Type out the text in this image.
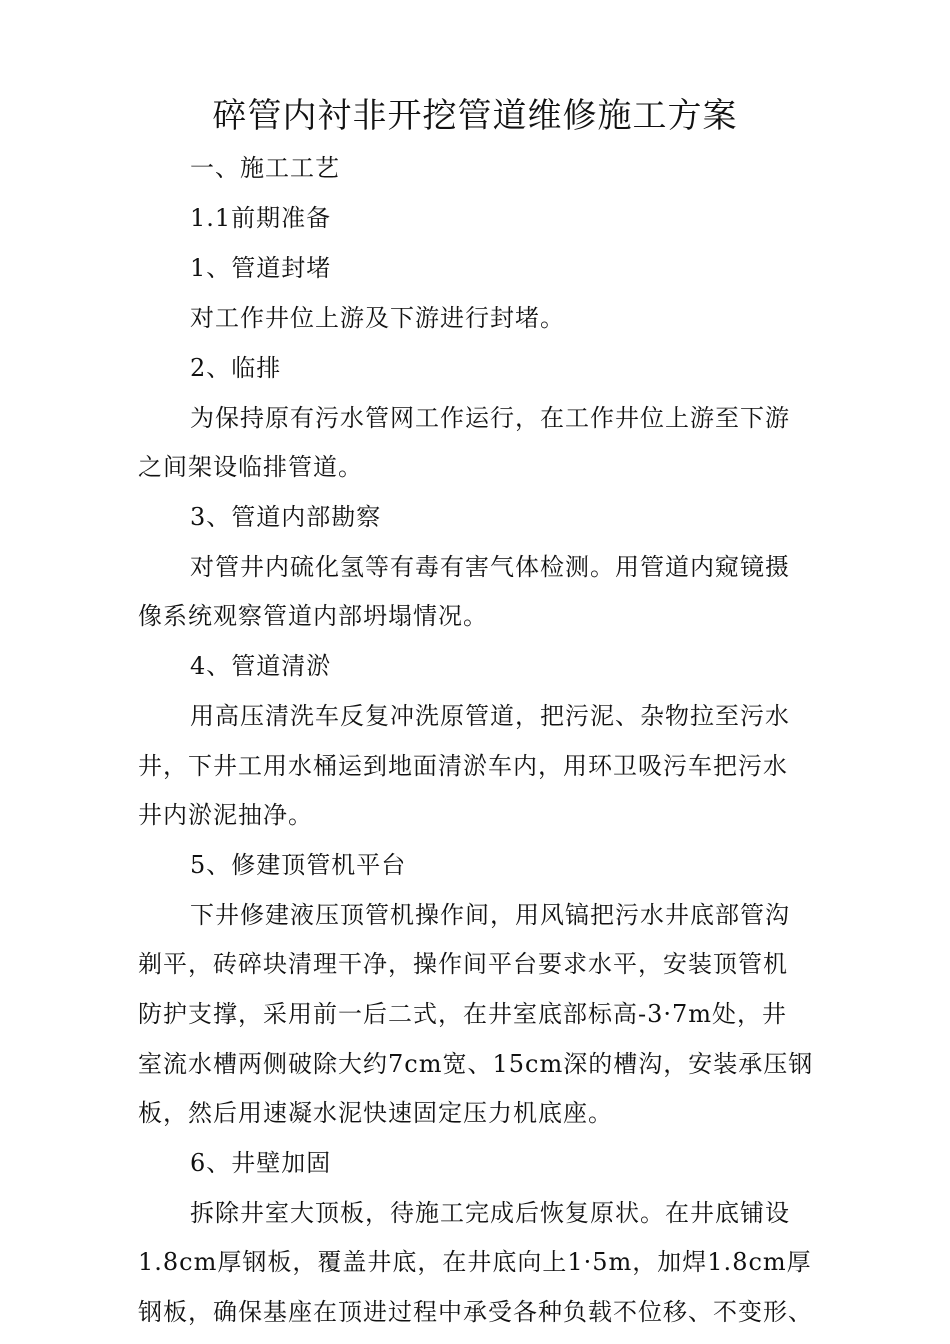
碎管内衬非开挖管道维修施工方案
一、施工工艺
1.1前期准备
1、管道封堵
对工作井位上游及下游进行封堵。
2、临排
为保持原有污水管网工作运行，在工作井位上游至下游
之间架设临排管道。
3、管道内部勘察
对管井内硫化氢等有毒有害气体检测。用管道内窥镜摄
像系统观察管道内部坍塌情况。
4、管道清淤
用高压清洗车反复冲洗原管道，把污泥、杂物拉至污水
井，下井工用水桶运到地面清淤车内，用环卫吸污车把污水
井内淤泥抽净。
5、修建顶管机平台
下井修建液压顶管机操作间，用风镐把污水井底部管沟
剃平，砖碎块清理干净，操作间平台要求水平，安装顶管机
防护支撑，采用前一后二式，在井室底部标高-3·7m处，井
室流水槽两侧破除大约7cm宽、15cm深的槽沟，安装承压钢
板，然后用速凝水泥快速固定压力机底座。
6、井壁加固
拆除井室大顶板，待施工完成后恢复原状。在井底铺设
1.8cm厚钢板，覆盖井底，在井底向上1·5m，加焊1.8cm厚
钢板，确保基座在顶进过程中承受各种负载不位移、不变形、
